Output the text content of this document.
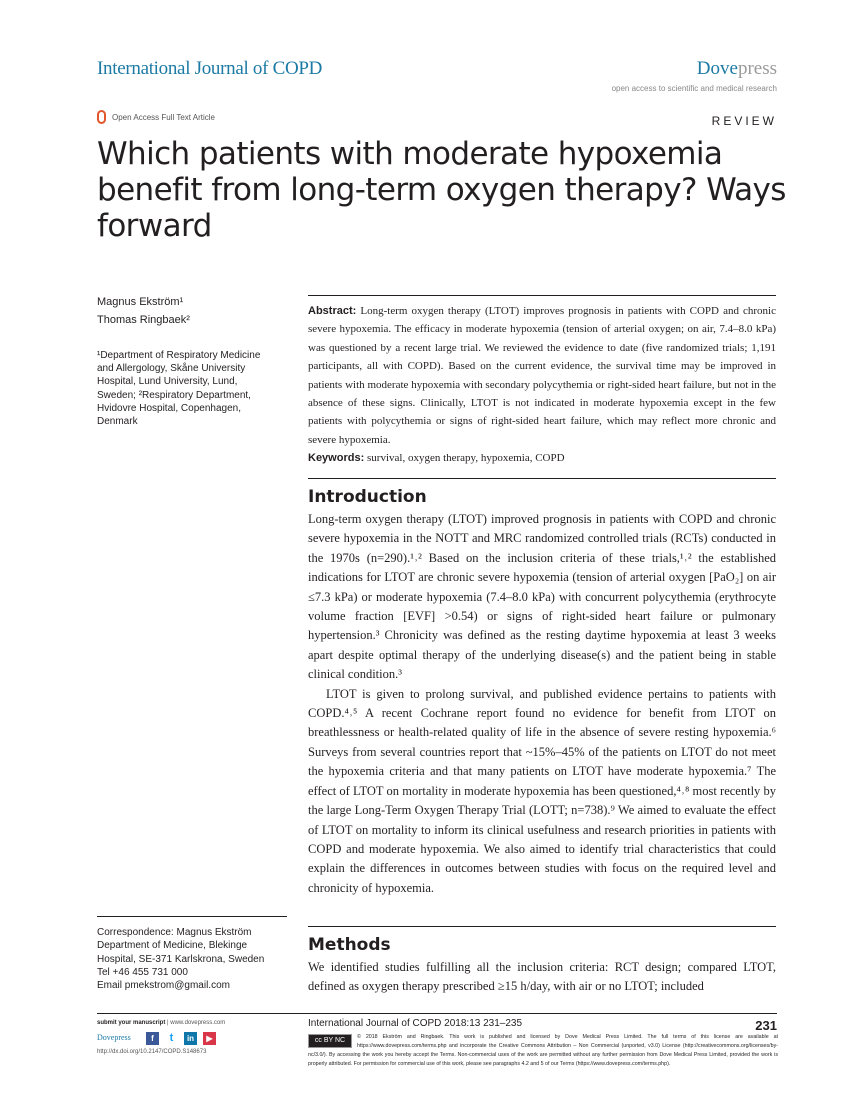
International Journal of COPD	Dovepress
open access to scientific and medical research
Open Access Full Text Article	REVIEW
Which patients with moderate hypoxemia benefit from long-term oxygen therapy? Ways forward
Magnus Ekström¹
Thomas Ringbaek²
¹Department of Respiratory Medicine and Allergology, Skåne University Hospital, Lund University, Lund, Sweden; ²Respiratory Department, Hvidovre Hospital, Copenhagen, Denmark
Correspondence: Magnus Ekström
Department of Medicine, Blekinge
Hospital, SE-371 Karlskrona, Sweden
Tel +46 455 731 000
Email pmekstrom@gmail.com
Abstract: Long-term oxygen therapy (LTOT) improves prognosis in patients with COPD and chronic severe hypoxemia. The efficacy in moderate hypoxemia (tension of arterial oxygen; on air, 7.4–8.0 kPa) was questioned by a recent large trial. We reviewed the evidence to date (five randomized trials; 1,191 participants, all with COPD). Based on the current evidence, the survival time may be improved in patients with moderate hypoxemia with secondary polycythemia or right-sided heart failure, but not in the absence of these signs. Clinically, LTOT is not indicated in moderate hypoxemia except in the few patients with polycythemia or signs of right-sided heart failure, which may reflect more chronic and severe hypoxemia.
Keywords: survival, oxygen therapy, hypoxemia, COPD
Introduction

Long-term oxygen therapy (LTOT) improved prognosis in patients with COPD and chronic severe hypoxemia in the NOTT and MRC randomized controlled trials (RCTs) conducted in the 1970s (n=290).¹˒² Based on the inclusion criteria of these trials,¹˒² the established indications for LTOT are chronic severe hypoxemia (tension of arterial oxygen [PaO₂] on air ≤7.3 kPa) or moderate hypoxemia (7.4–8.0 kPa) with concurrent polycythemia (erythrocyte volume fraction [EVF] >0.54) or signs of right-sided heart failure or pulmonary hypertension.³ Chronicity was defined as the resting daytime hypoxemia at least 3 weeks apart despite optimal therapy of the underlying disease(s) and the patient being in stable clinical condition.³

LTOT is given to prolong survival, and published evidence pertains to patients with COPD.⁴˒⁵ A recent Cochrane report found no evidence for benefit from LTOT on breathlessness or health-related quality of life in the absence of severe resting hypoxemia.⁶ Surveys from several countries report that ~15%–45% of the patients on LTOT do not meet the hypoxemia criteria and that many patients on LTOT have moderate hypoxemia.⁷ The effect of LTOT on mortality in moderate hypoxemia has been questioned,⁴˒⁸ most recently by the large Long-Term Oxygen Therapy Trial (LOTT; n=738).⁹ We aimed to evaluate the effect of LTOT on mortality to inform its clinical usefulness and research priorities in patients with COPD and moderate hypoxemia. We also aimed to identify trial characteristics that could explain the differences in outcomes between studies with focus on the required level and chronicity of hypoxemia.

Methods

We identified studies fulfilling all the inclusion criteria: RCT design; compared LTOT, defined as oxygen therapy prescribed ≥15 h/day, with air or no LTOT; included

submit your manuscript | www.dovepress.com
Dovepress	f	t	in	▶
http://dx.doi.org/10.2147/COPD.S148673
International Journal of COPD 2018:13 231–235	231
cc BY NC	© 2018 Ekström and Ringbaek. This work is published and licensed by Dove Medical Press Limited. The full terms of this license are available at https://www.dovepress.com/terms.php and incorporate the Creative Commons Attribution – Non Commercial (unported, v3.0) License (http://creativecommons.org/licenses/by-nc/3.0/). By accessing the work you hereby accept the Terms. Non-commercial uses of the work are permitted without any further permission from Dove Medical Press Limited, provided the work is properly attributed. For permission for commercial use of this work, please see paragraphs 4.2 and 5 of our Terms (https://www.dovepress.com/terms.php).
